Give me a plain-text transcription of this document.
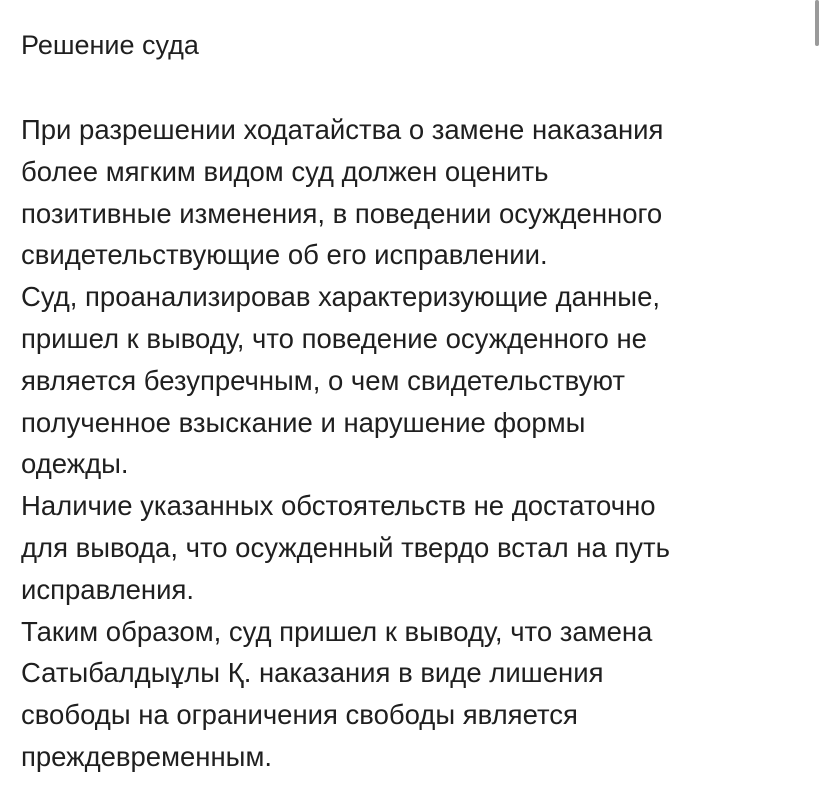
Решение суда
При разрешении ходатайства о замене наказания
более мягким видом суд должен оценить
позитивные изменения, в поведении осужденного
свидетельствующие об его исправлении.
Суд, проанализировав характеризующие данные,
пришел к выводу, что поведение осужденного не
является безупречным, о чем свидетельствуют
полученное взыскание и нарушение формы
одежды.
Наличие указанных обстоятельств не достаточно
для вывода, что осужденный твердо встал на путь
исправления.
Таким образом, суд пришел к выводу, что замена
Сатыбалдыұлы Қ. наказания в виде лишения
свободы на ограничения свободы является
преждевременным.
